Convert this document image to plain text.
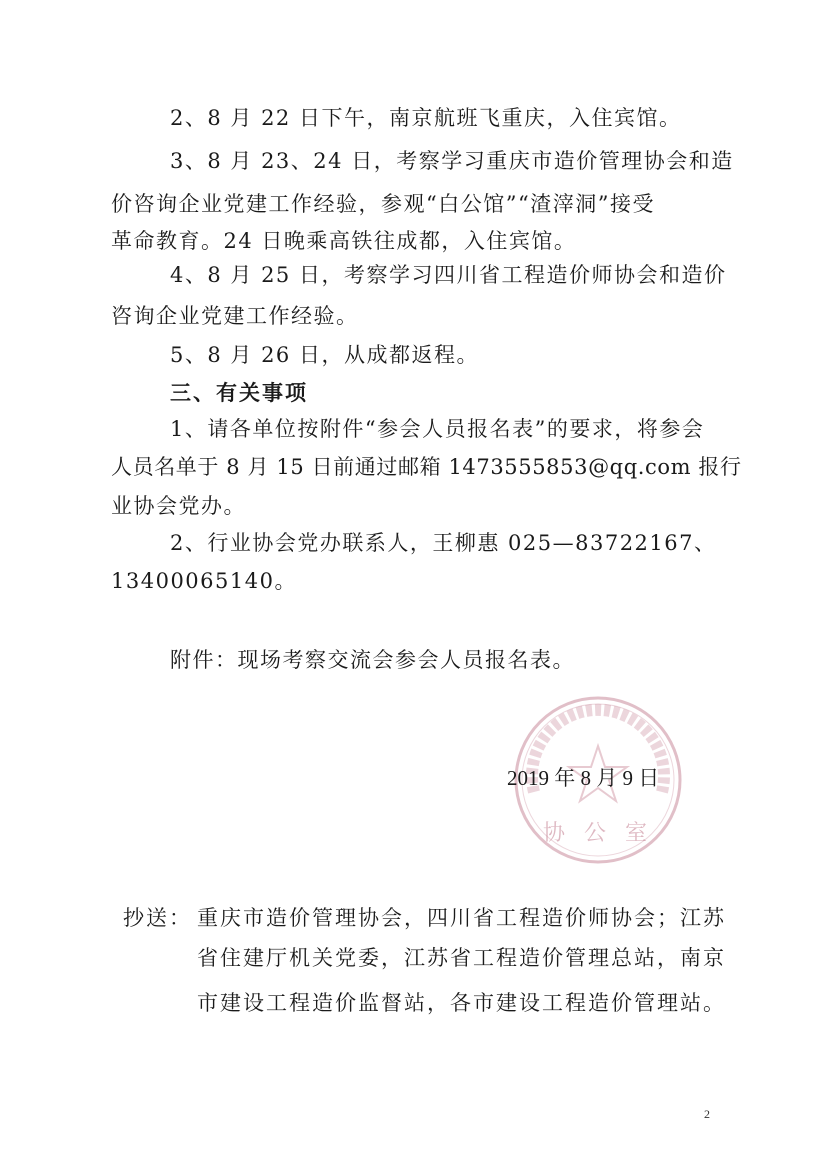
2、8 月 22 日下午，南京航班飞重庆，入住宾馆。
3、8 月 23、24 日，考察学习重庆市造价管理协会和造
价咨询企业党建工作经验，参观“白公馆”“渣滓洞”接受
革命教育。24 日晚乘高铁往成都，入住宾馆。
4、8 月 25 日，考察学习四川省工程造价师协会和造价
咨询企业党建工作经验。
5、8 月 26 日，从成都返程。
三、有关事项
1、请各单位按附件“参会人员报名表”的要求，将参会
人员名单于 8 月 15 日前通过邮箱 1473555853@qq.com 报行
业协会党办。
2、行业协会党办联系人，王柳惠 025—83722167、
13400065140。
附件：现场考察交流会参会人员报名表。
协 公 室
2019 年 8 月 9 日
抄送： 重庆市造价管理协会，四川省工程造价师协会；江苏
省住建厅机关党委，江苏省工程造价管理总站，南京
市建设工程造价监督站，各市建设工程造价管理站。
2
